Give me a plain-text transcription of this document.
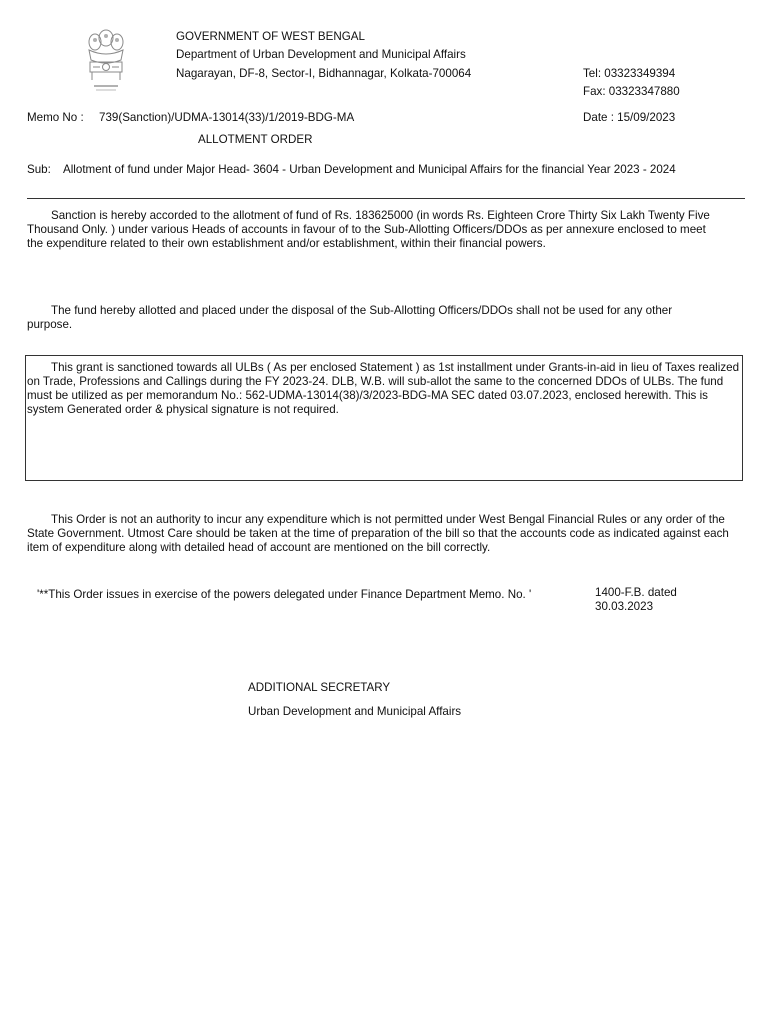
GOVERNMENT OF WEST BENGAL
Department of Urban Development and Municipal Affairs
Nagarayan, DF-8, Sector-I, Bidhannagar, Kolkata-700064	Tel: 03323349394
Fax: 03323347880
Memo No : 739(Sanction)/UDMA-13014(33)/1/2019-BDG-MA	Date : 15/09/2023
ALLOTMENT ORDER
Sub: Allotment of fund under Major Head- 3604 - Urban Development and Municipal Affairs for the financial Year 2023 - 2024
Sanction is hereby accorded to the allotment of fund of Rs. 183625000 (in words Rs. Eighteen Crore Thirty Six Lakh Twenty Five Thousand Only. ) under various Heads of accounts in favour of to the Sub-Allotting Officers/DDOs as per annexure enclosed to meet the expenditure related to their own establishment and/or establishment, within their financial powers.
The fund hereby allotted and placed under the disposal of the Sub-Allotting Officers/DDOs shall not be used for any other purpose.
This grant is sanctioned towards all ULBs ( As per enclosed Statement ) as 1st installment under Grants-in-aid in lieu of Taxes realized on Trade, Professions and Callings during the FY 2023-24. DLB, W.B. will sub-allot the same to the concerned DDOs of ULBs. The fund must be utilized as per memorandum No.: 562-UDMA-13014(38)/3/2023-BDG-MA SEC dated 03.07.2023, enclosed herewith. This is system Generated order & physical signature is not required.
This Order is not an authority to incur any expenditure which is not permitted under West Bengal Financial Rules or any order of the State Government. Utmost Care should be taken at the time of preparation of the bill so that the accounts code as indicated against each item of expenditure along with detailed head of account are mentioned on the bill correctly.
'**This Order issues in exercise of the powers delegated under Finance Department Memo. No. '	1400-F.B. dated
30.03.2023
ADDITIONAL SECRETARY
Urban Development and Municipal Affairs
